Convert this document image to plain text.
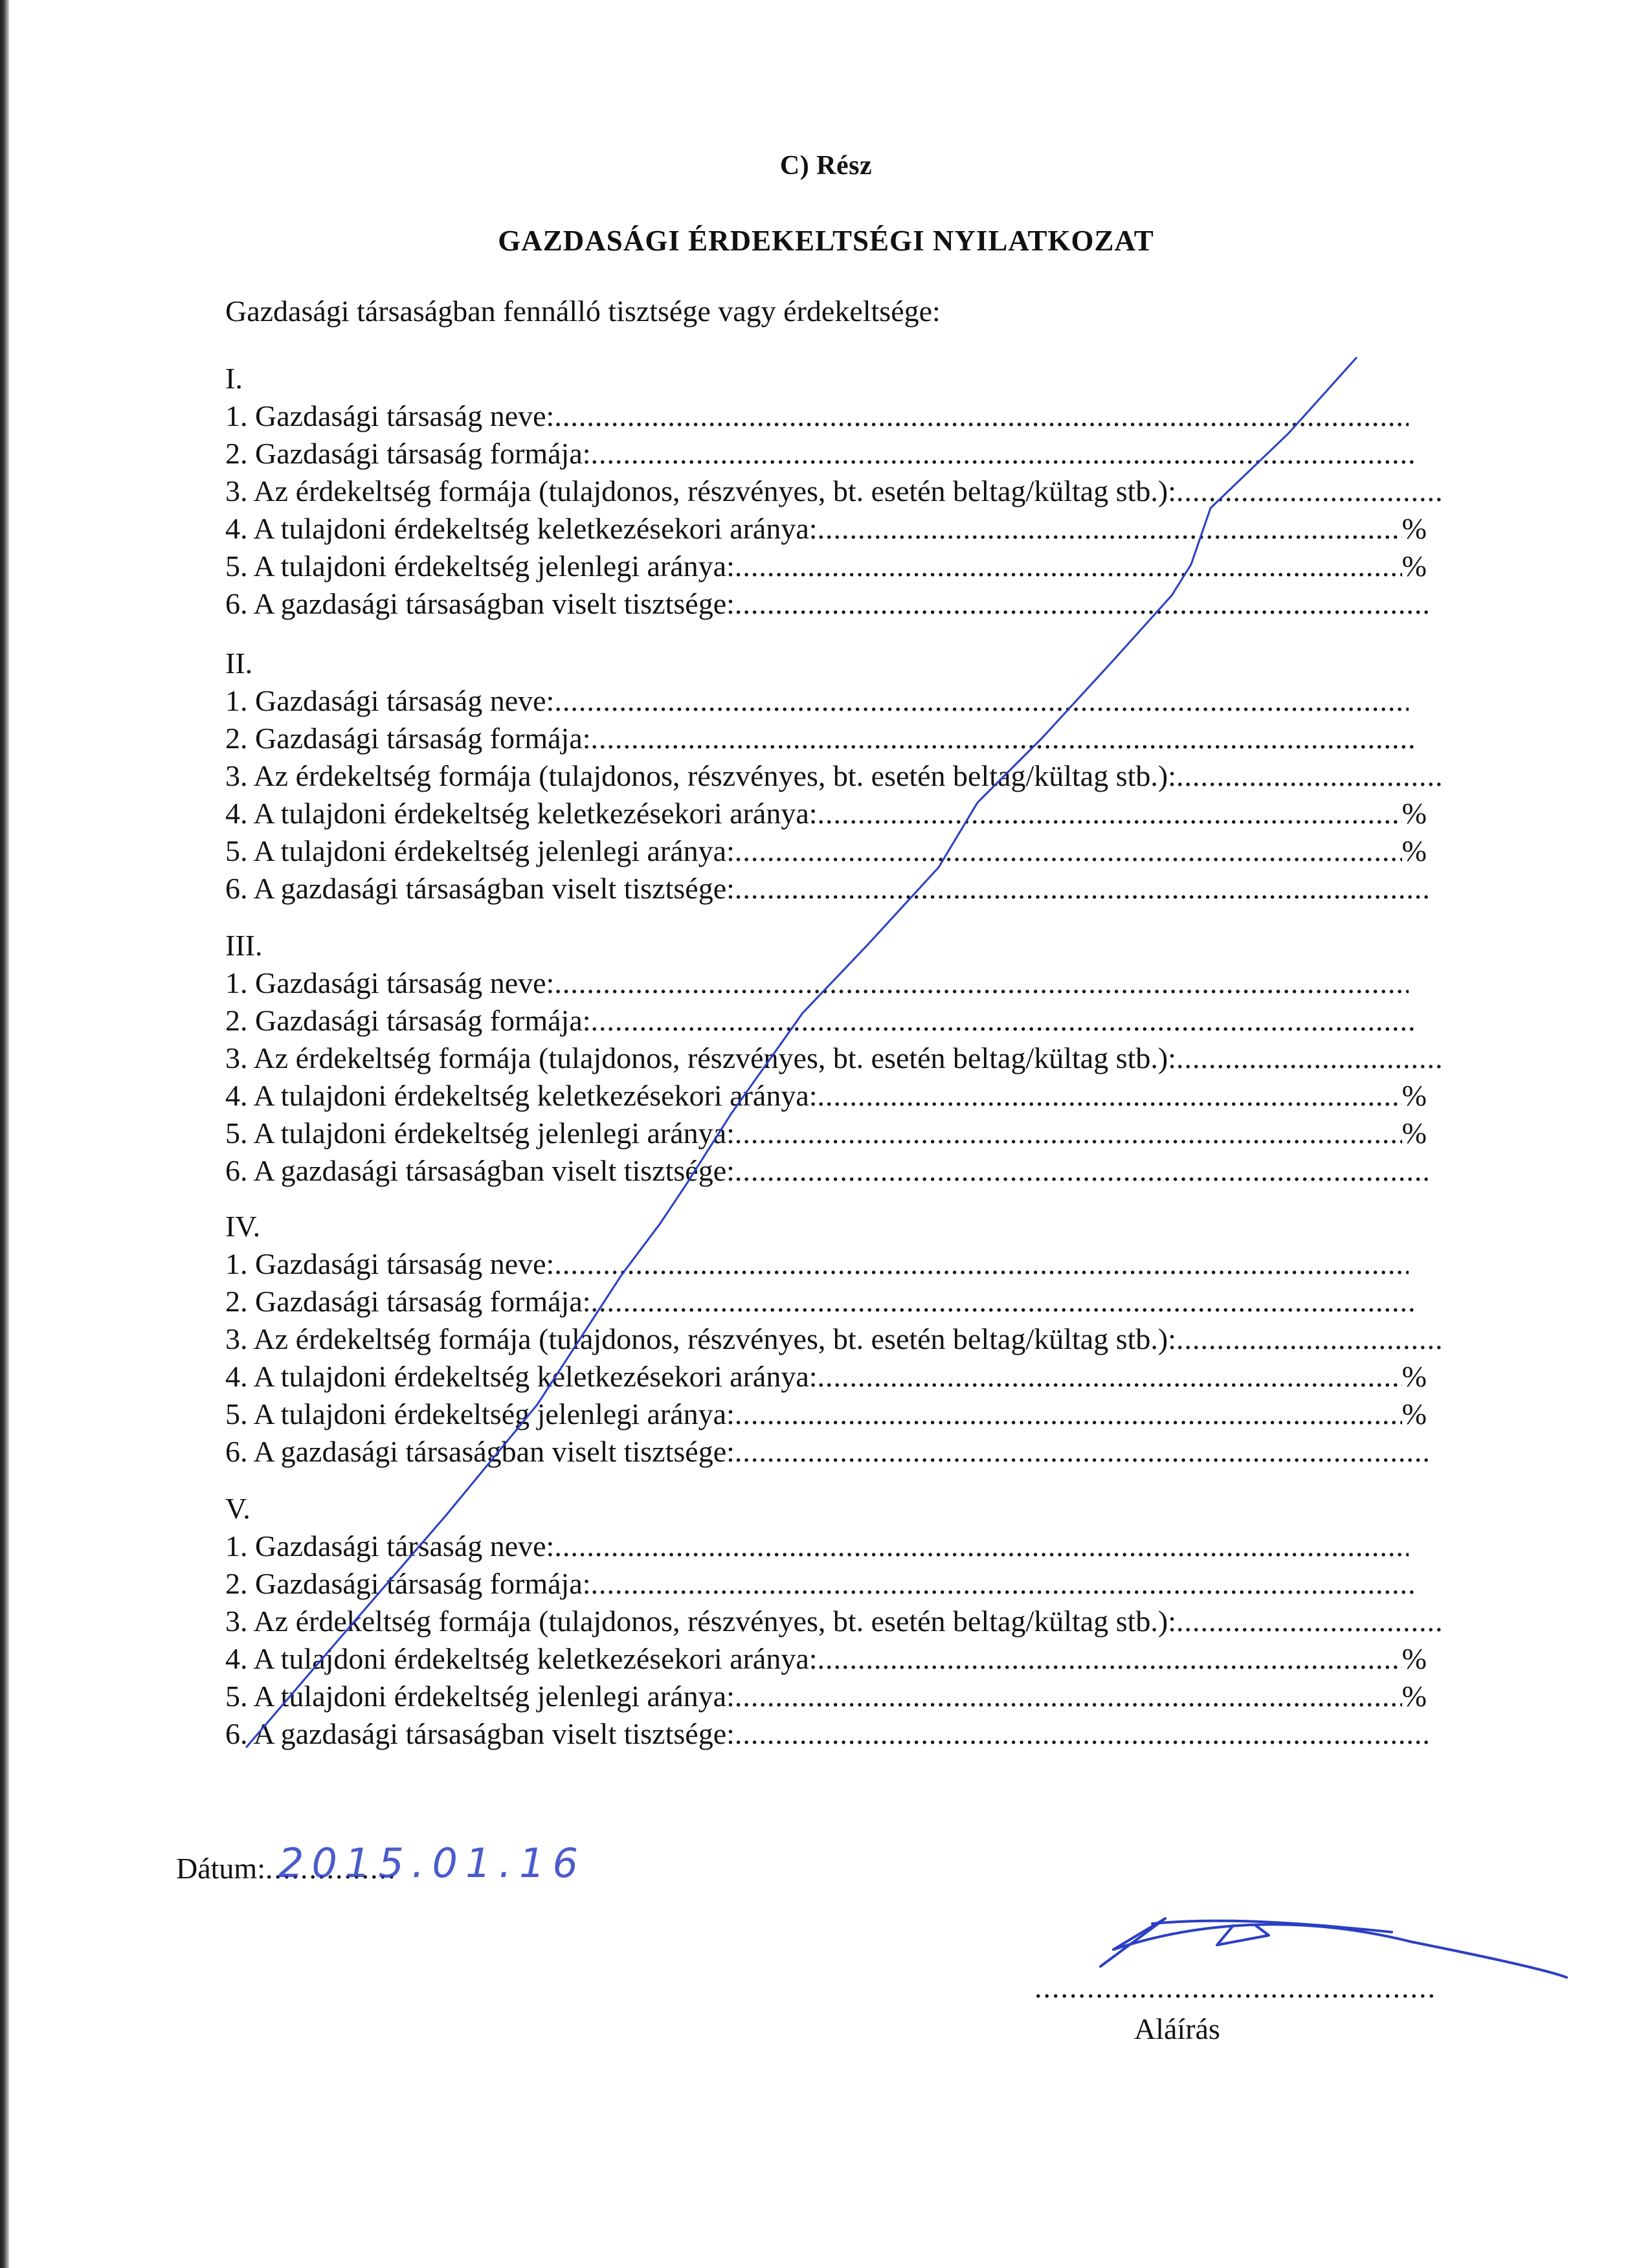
C) Rész
GAZDASÁGI ÉRDEKELTSÉGI NYILATKOZAT
Gazdasági társaságban fennálló tisztsége vagy érdekeltsége:
I.
1. Gazdasági társaság neve:
.....
2. Gazdasági társaság formája:
.....
3. Az érdekeltség formája (tulajdonos, részvényes, bt. esetén beltag/kültag stb.):
.....
4. A tulajdoni érdekeltség keletkezésekori aránya: .....	%
5. A tulajdoni érdekeltség jelenlegi aránya: .....	%
6. A gazdasági társaságban viselt tisztsége:
.....
II.
1. Gazdasági társaság neve:
.....
2. Gazdasági társaság formája:
.....
3. Az érdekeltség formája (tulajdonos, részvényes, bt. esetén beltag/kültag stb.):
.....
4. A tulajdoni érdekeltség keletkezésekori aránya: .....	%
5. A tulajdoni érdekeltség jelenlegi aránya: .....	%
6. A gazdasági társaságban viselt tisztsége:
.....
III.
1. Gazdasági társaság neve:
.....
2. Gazdasági társaság formája:
.....
3. Az érdekeltség formája (tulajdonos, részvényes, bt. esetén beltag/kültag stb.):
.....
4. A tulajdoni érdekeltség keletkezésekori aránya: .....	%
5. A tulajdoni érdekeltség jelenlegi aránya: .....	%
6. A gazdasági társaságban viselt tisztsége:
.....
IV.
1. Gazdasági társaság neve:
.....
2. Gazdasági társaság formája:
.....
3. Az érdekeltség formája (tulajdonos, részvényes, bt. esetén beltag/kültag stb.):
.....
4. A tulajdoni érdekeltség keletkezésekori aránya: .....	%
5. A tulajdoni érdekeltség jelenlegi aránya: .....	%
6. A gazdasági társaságban viselt tisztsége:
.....
V.
1. Gazdasági társaság neve:
.....
2. Gazdasági társaság formája:
.....
3. Az érdekeltség formája (tulajdonos, részvényes, bt. esetén beltag/kültag stb.):
.....
4. A tulajdoni érdekeltség keletkezésekori aránya: .....	%
5. A tulajdoni érdekeltség jelenlegi aránya: .....	%
6. A gazdasági társaságban viselt tisztsége:
.....
Dátum: ..... 2015.01.16
.....
Aláírás
